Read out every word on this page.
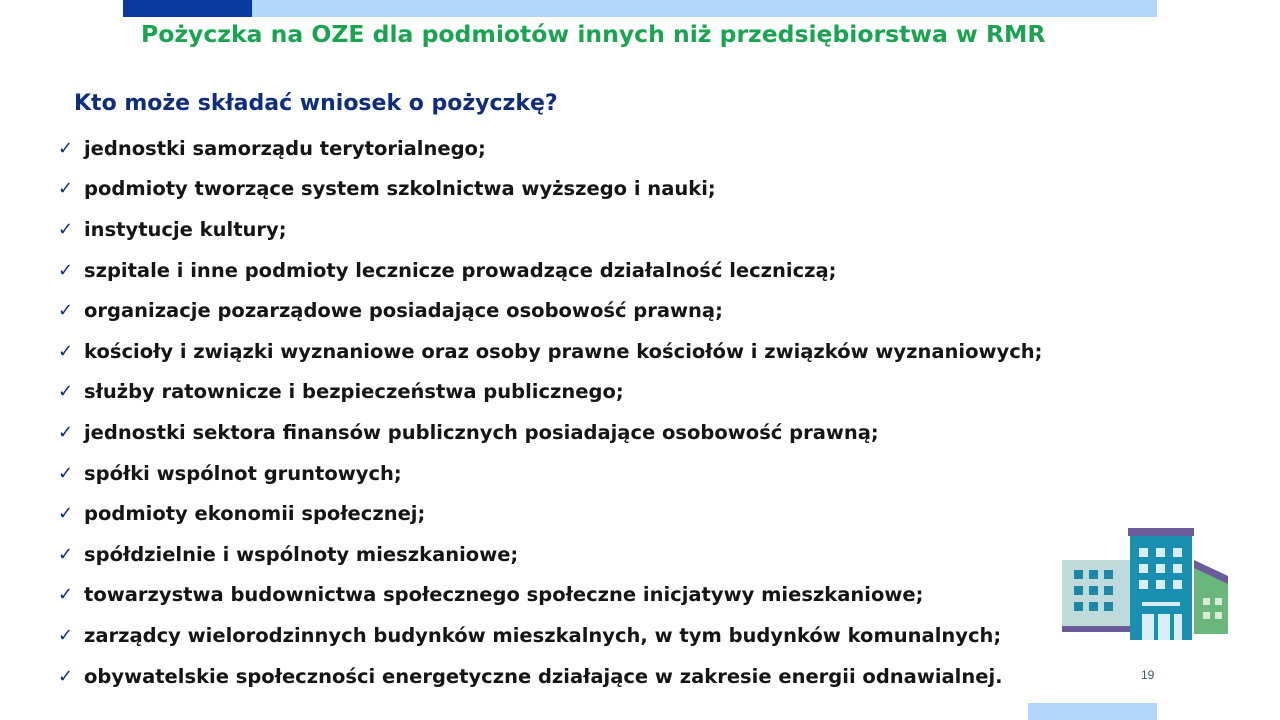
Pożyczka na OZE dla podmiotów innych niż przedsiębiorstwa w RMR
Kto może składać wniosek o pożyczkę?
✓ jednostki samorządu terytorialnego;
✓ podmioty tworzące system szkolnictwa wyższego i nauki;
✓ instytucje kultury;
✓ szpitale i inne podmioty lecznicze prowadzące działalność leczniczą;
✓ organizacje pozarządowe posiadające osobowość prawną;
✓ kościoły i związki wyznaniowe oraz osoby prawne kościołów i związków wyznaniowych;
✓ służby ratownicze i bezpieczeństwa publicznego;
✓ jednostki sektora finansów publicznych posiadające osobowość prawną;
✓ spółki wspólnot gruntowych;
✓ podmioty ekonomii społecznej;
✓ spółdzielnie i wspólnoty mieszkaniowe;
✓ towarzystwa budownictwa społecznego społeczne inicjatywy mieszkaniowe;
✓ zarządcy wielorodzinnych budynków mieszkalnych, w tym budynków komunalnych;
✓ obywatelskie społeczności energetyczne działające w zakresie energii odnawialnej.	19
